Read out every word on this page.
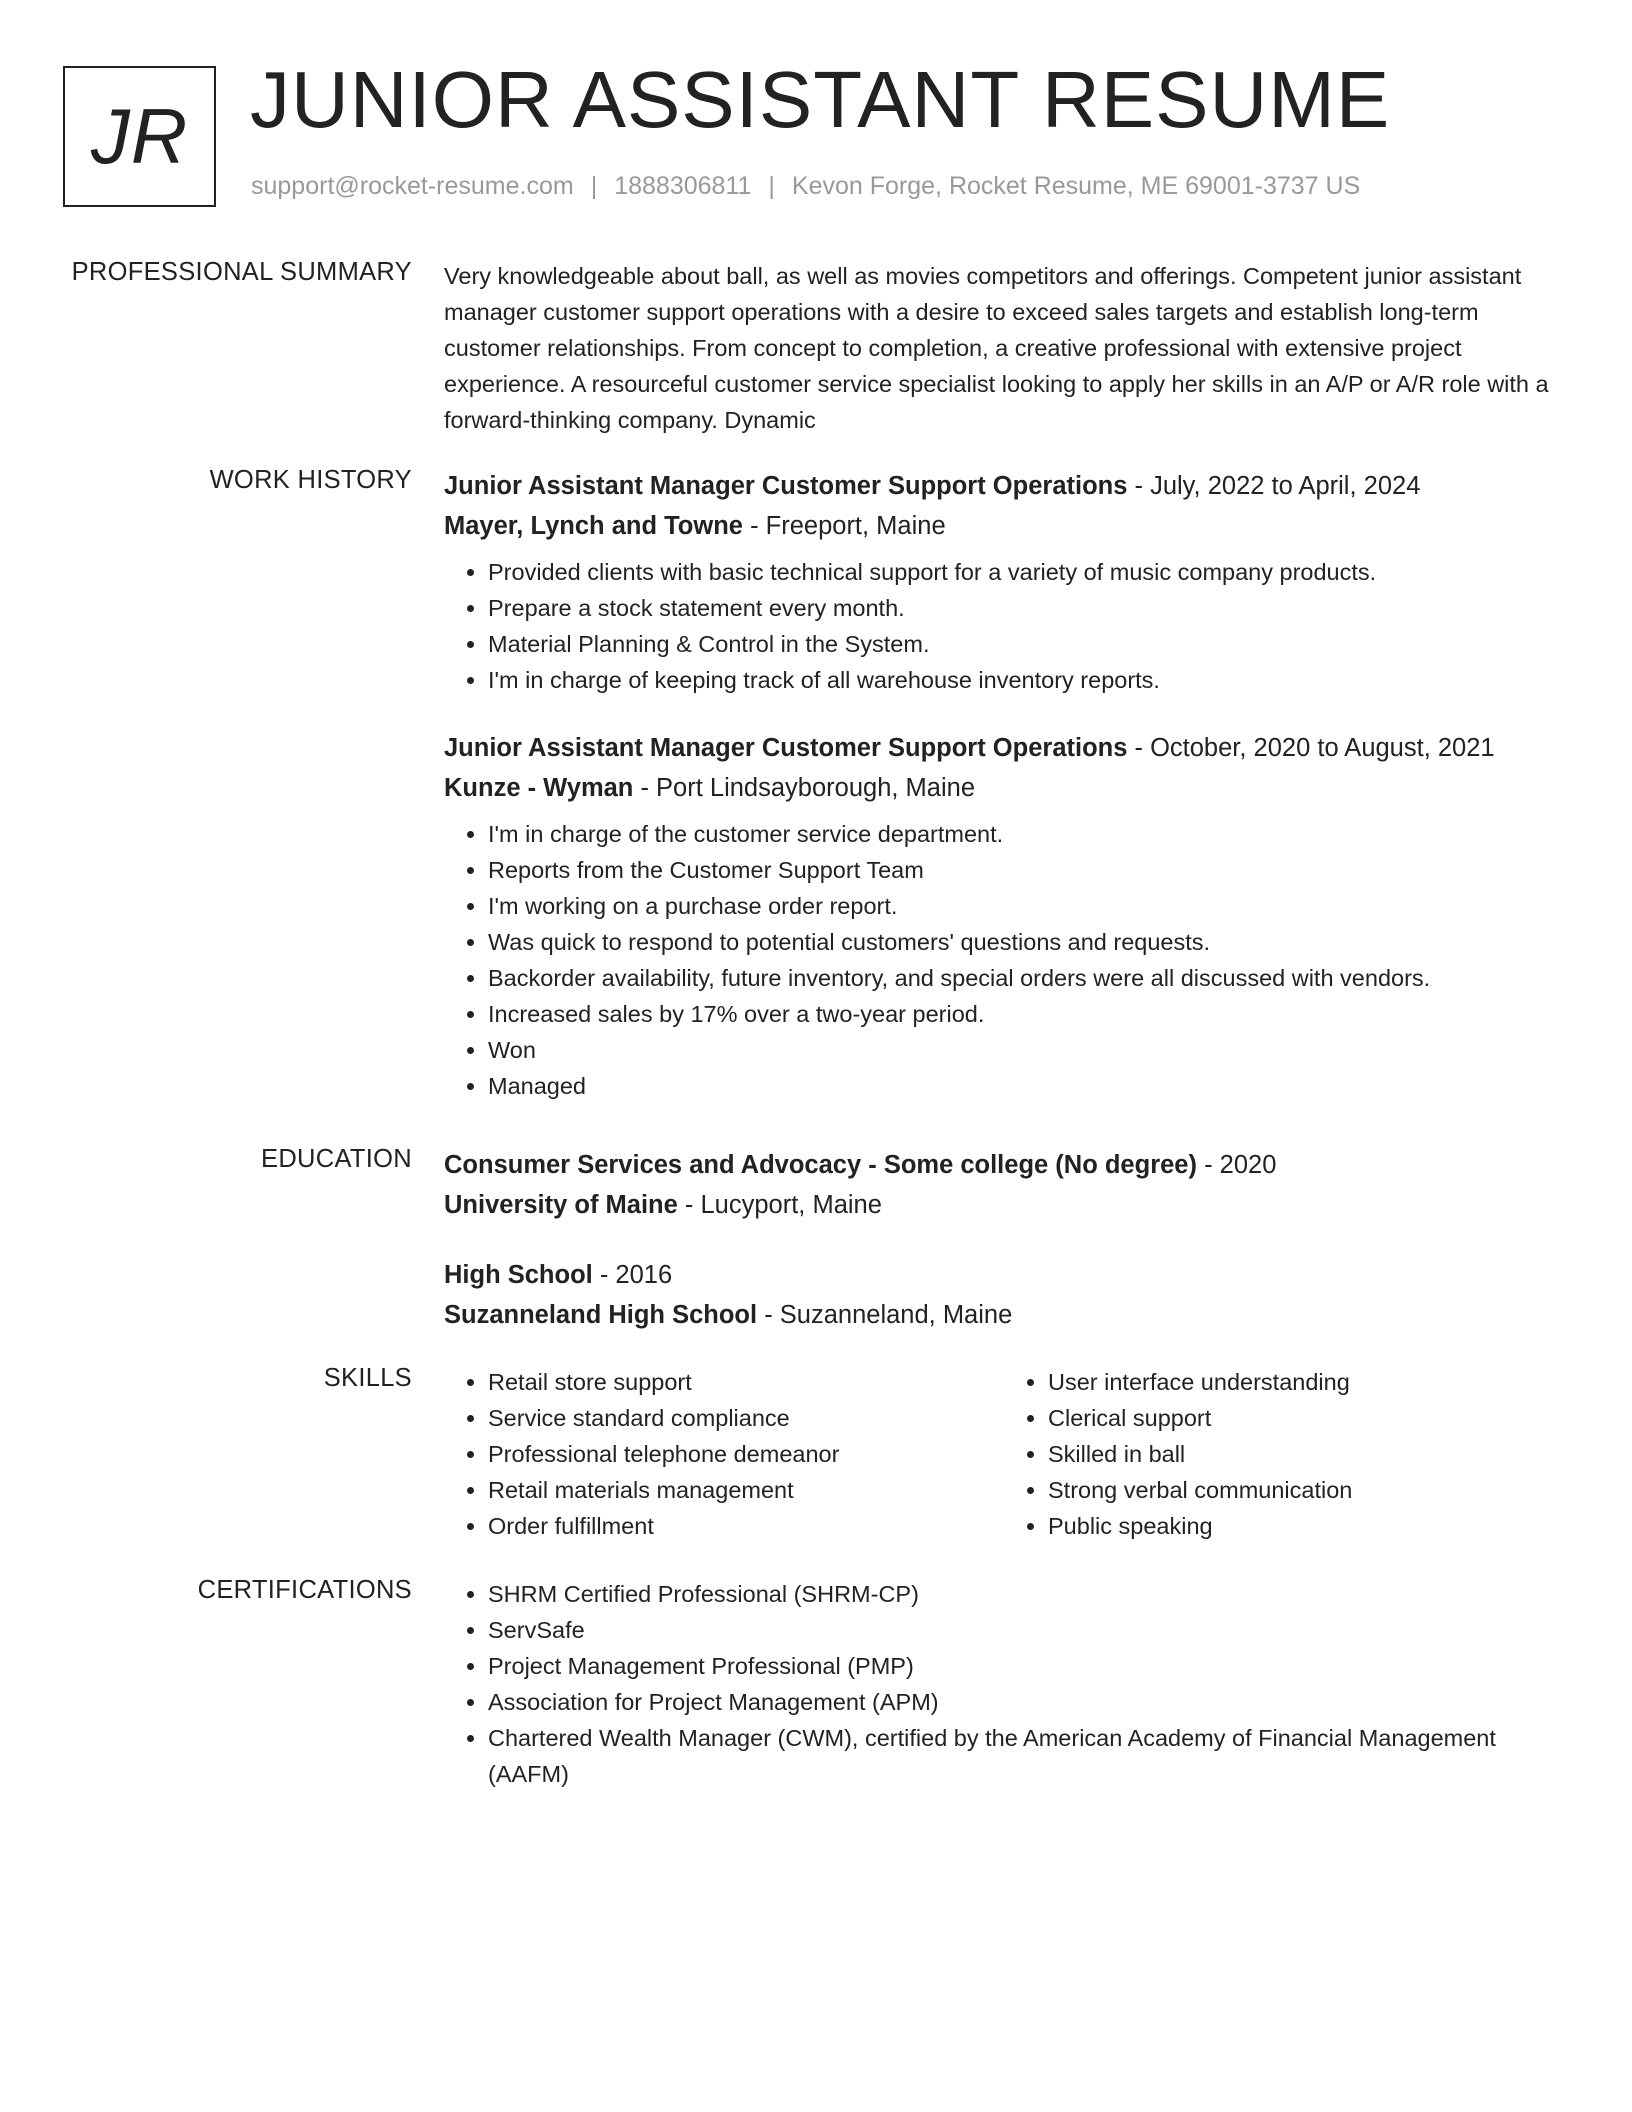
JR JUNIOR ASSISTANT RESUME
support@rocket-resume.com | 1888306811 | Kevon Forge, Rocket Resume, ME 69001-3737 US
PROFESSIONAL SUMMARY Very knowledgeable about ball, as well as movies competitors and offerings. Competent junior assistant manager customer support operations with a desire to exceed sales targets and establish long-term customer relationships. From concept to completion, a creative professional with extensive project experience. A resourceful customer service specialist looking to apply her skills in an A/P or A/R role with a forward-thinking company. Dynamic

WORK HISTORY Junior Assistant Manager Customer Support Operations - July, 2022 to April, 2024

Mayer, Lynch and Towne - Freeport, Maine

• Provided clients with basic technical support for a variety of music company products.
• Prepare a stock statement every month.
• Material Planning & Control in the System.
• I'm in charge of keeping track of all warehouse inventory reports.

Junior Assistant Manager Customer Support Operations - October, 2020 to August, 2021

Kunze - Wyman - Port Lindsayborough, Maine

• I'm in charge of the customer service department.
• Reports from the Customer Support Team
• I'm working on a purchase order report.
• Was quick to respond to potential customers' questions and requests.
• Backorder availability, future inventory, and special orders were all discussed with vendors.
• Increased sales by 17% over a two-year period.
• Won
• Managed
EDUCATION Consumer Services and Advocacy - Some college (No degree) - 2020

University of Maine - Lucyport, Maine

High School - 2016

Suzanneland High School - Suzanneland, Maine

SKILLS	• Retail store support
• Service standard compliance
• Professional telephone demeanor
• Retail materials management
• Order fulfillment
• User interface understanding
• Clerical support
• Skilled in ball
• Strong verbal communication
• Public speaking
CERTIFICATIONS	• SHRM Certified Professional (SHRM-CP)
• ServSafe
• Project Management Professional (PMP)
• Association for Project Management (APM)
• Chartered Wealth Manager (CWM), certified by the American Academy of Financial Management (AAFM)
